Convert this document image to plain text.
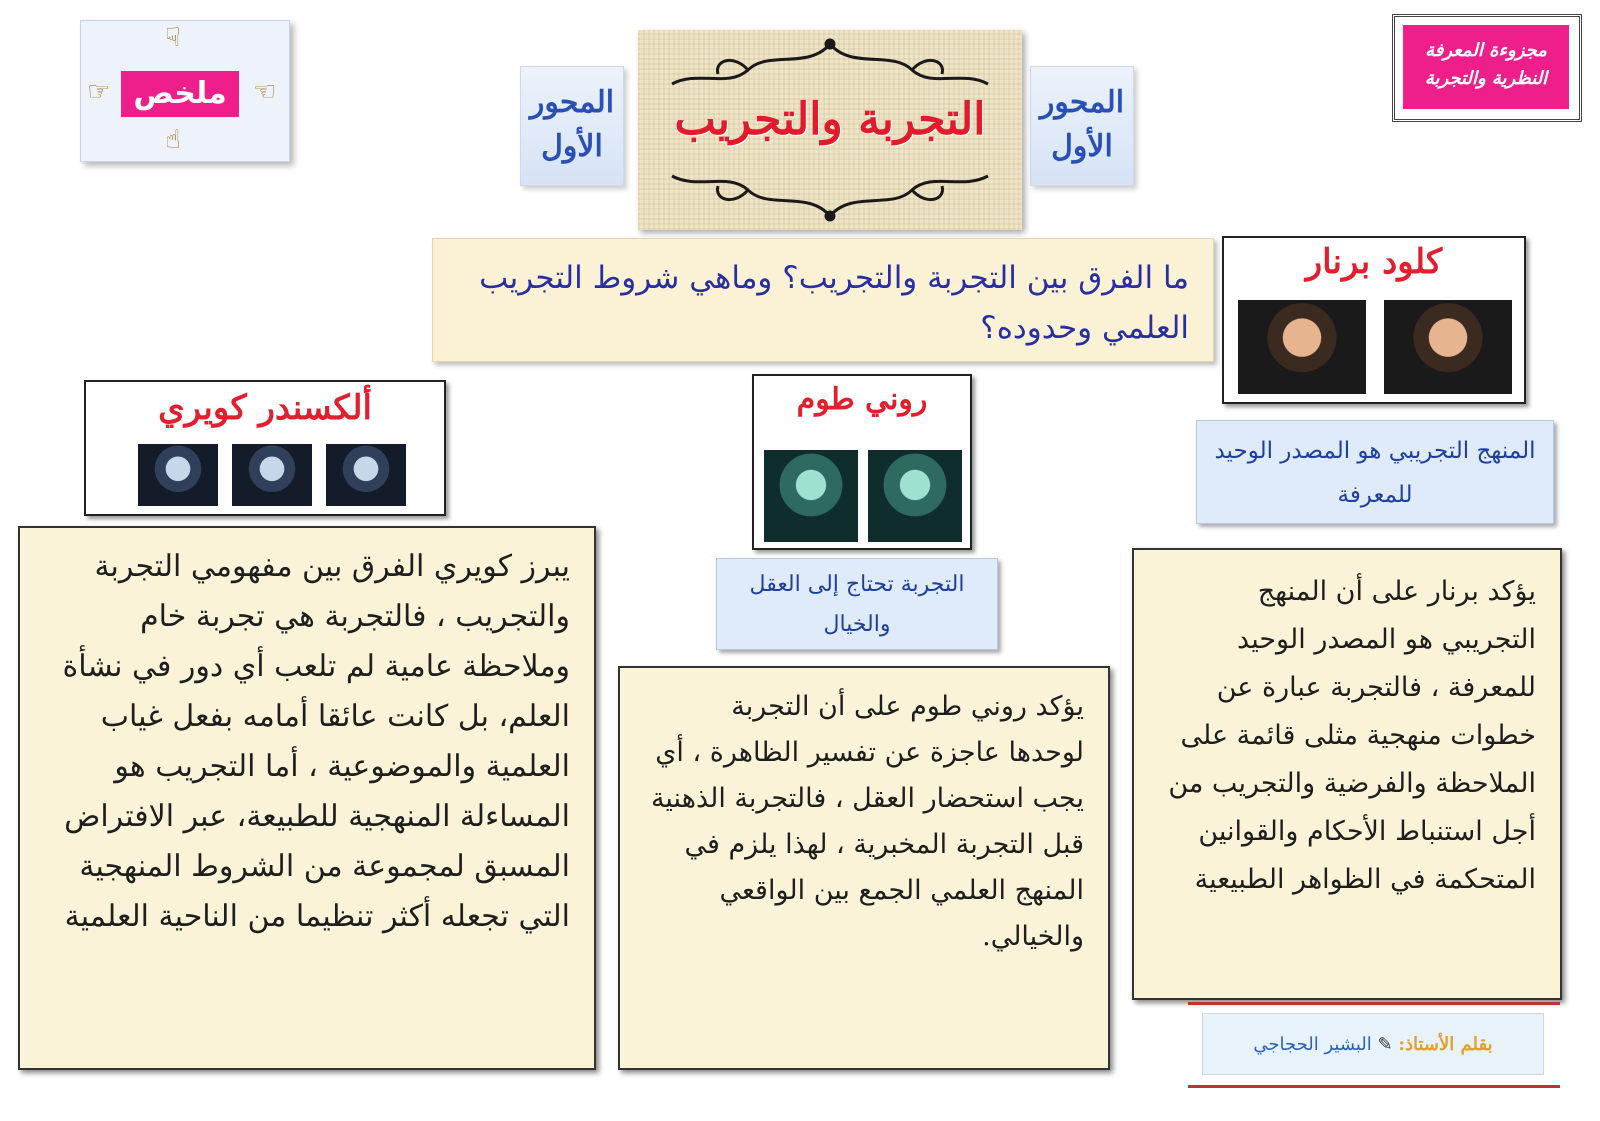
☟
☝
☞	☜
ملخص
مجزوءة المعرفة النظرية والتجربة
المحور الأول
المحور الأول
التجربة والتجريب
ما الفرق بين التجربة والتجريب؟ وماهي شروط التجريب العلمي وحدوده؟
كلود برنار
المنهج التجريبي هو المصدر الوحيد للمعرفة
روني طوم
التجربة تحتاج إلى العقل والخيال
ألكسندر كويري
يبرز كويري الفرق بين مفهومي التجربة والتجريب ، فالتجربة هي تجربة خام وملاحظة عامية لم تلعب أي دور في نشأة العلم، بل كانت عائقا أمامه بفعل غياب العلمية والموضوعية ، أما التجريب هو المساءلة المنهجية للطبيعة، عبر الافتراض المسبق لمجموعة من الشروط المنهجية التي تجعله أكثر تنظيما من الناحية العلمية
يؤكد روني طوم على أن التجربة لوحدها عاجزة عن تفسير الظاهرة ، أي يجب استحضار العقل ، فالتجربة الذهنية قبل التجربة المخبرية ، لهذا يلزم في المنهج العلمي الجمع بين الواقعي والخيالي.
يؤكد برنار على أن المنهج التجريبي هو المصدر الوحيد للمعرفة ، فالتجربة عبارة عن خطوات منهجية مثلى قائمة على الملاحظة والفرضية والتجريب من أجل استنباط الأحكام والقوانين المتحكمة في الظواهر الطبيعية
بقلم الأستاذ: ✎ البشير الحجاجي
